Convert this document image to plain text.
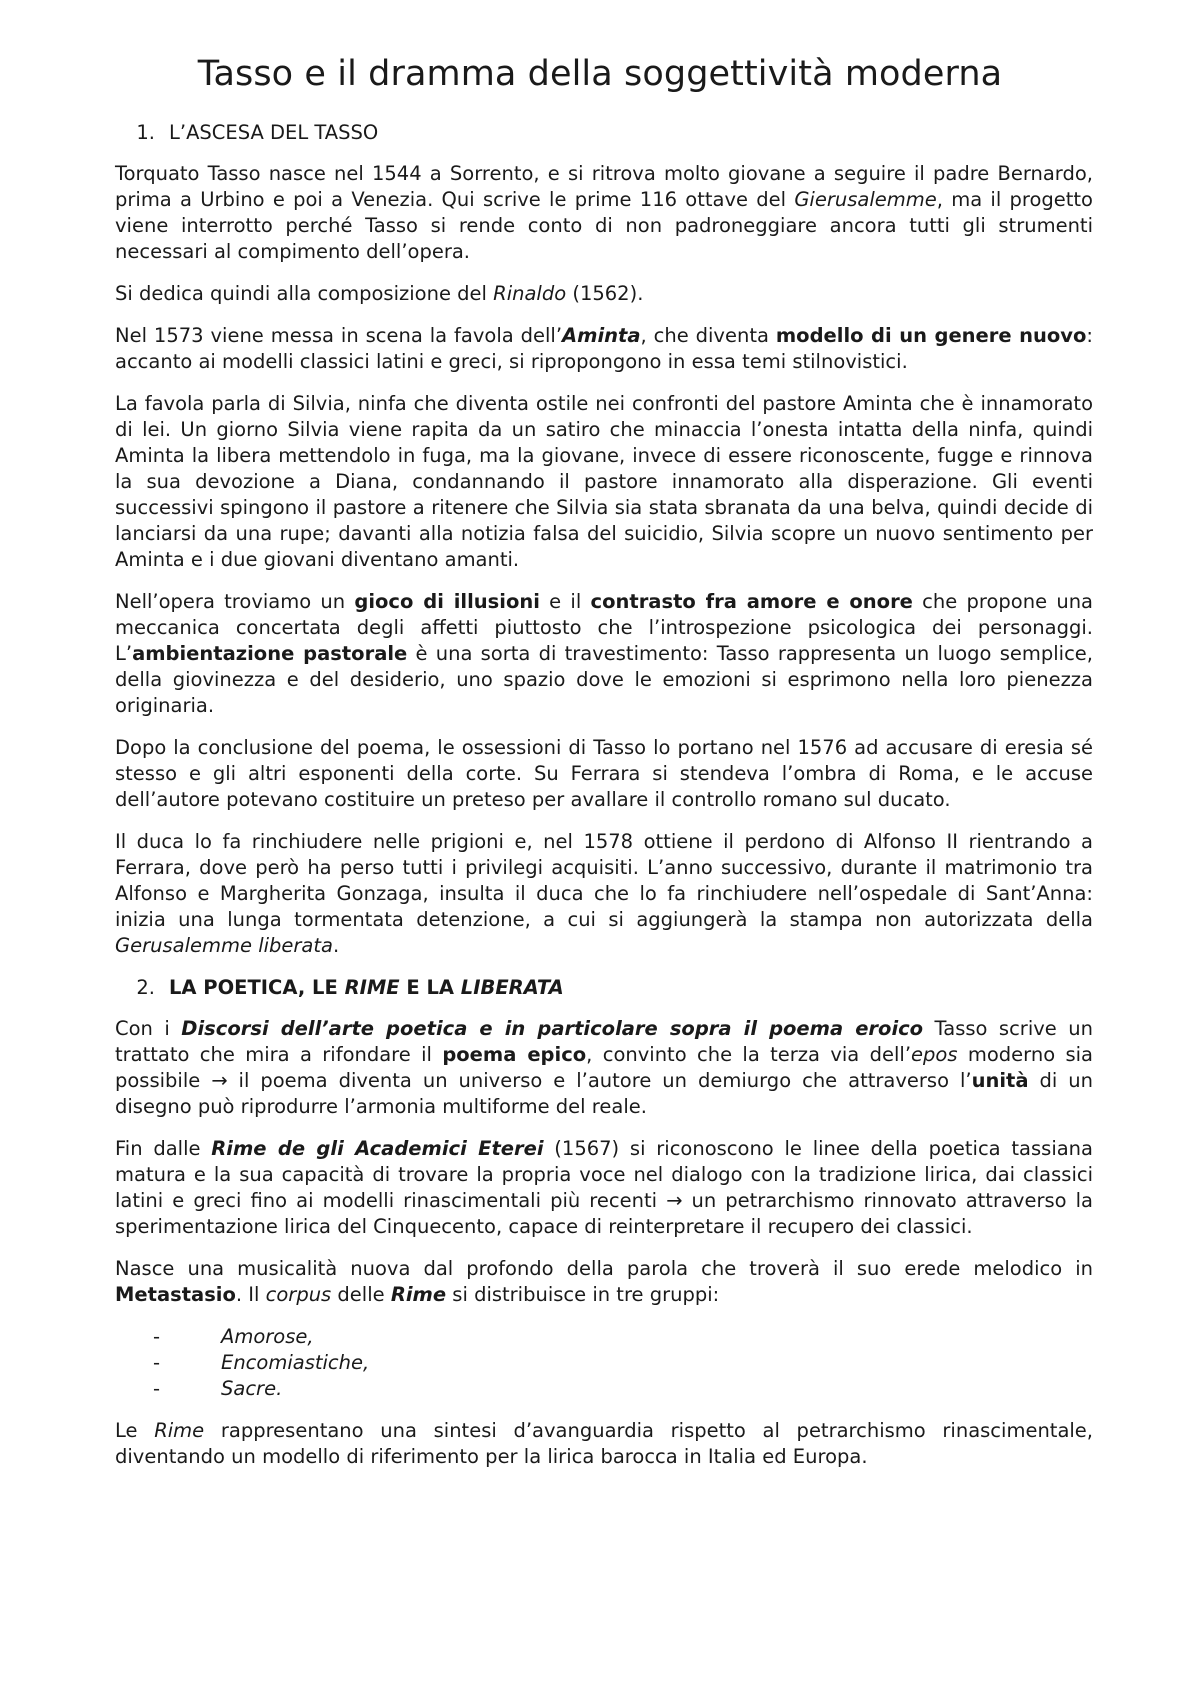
Tasso e il dramma della soggettività moderna
1. L’ASCESA DEL TASSO

Torquato Tasso nasce nel 1544 a Sorrento, e si ritrova molto giovane a seguire il padre Bernardo, prima a Urbino e poi a Venezia. Qui scrive le prime 116 ottave del Gierusalemme, ma il progetto viene interrotto perché Tasso si rende conto di non padroneggiare ancora tutti gli strumenti necessari al compimento dell’opera.

Si dedica quindi alla composizione del Rinaldo (1562).

Nel 1573 viene messa in scena la favola dell’Aminta, che diventa modello di un genere nuovo: accanto ai modelli classici latini e greci, si ripropongono in essa temi stilnovistici.

La favola parla di Silvia, ninfa che diventa ostile nei confronti del pastore Aminta che è innamorato di lei. Un giorno Silvia viene rapita da un satiro che minaccia l’onesta intatta della ninfa, quindi Aminta la libera mettendolo in fuga, ma la giovane, invece di essere riconoscente, fugge e rinnova la sua devozione a Diana, condannando il pastore innamorato alla disperazione. Gli eventi successivi spingono il pastore a ritenere che Silvia sia stata sbranata da una belva, quindi decide di lanciarsi da una rupe; davanti alla notizia falsa del suicidio, Silvia scopre un nuovo sentimento per Aminta e i due giovani diventano amanti.

Nell’opera troviamo un gioco di illusioni e il contrasto fra amore e onore che propone una meccanica concertata degli affetti piuttosto che l’introspezione psicologica dei personaggi. L’ambientazione pastorale è una sorta di travestimento: Tasso rappresenta un luogo semplice, della giovinezza e del desiderio, uno spazio dove le emozioni si esprimono nella loro pienezza originaria.

Dopo la conclusione del poema, le ossessioni di Tasso lo portano nel 1576 ad accusare di eresia sé stesso e gli altri esponenti della corte. Su Ferrara si stendeva l’ombra di Roma, e le accuse dell’autore potevano costituire un preteso per avallare il controllo romano sul ducato.

Il duca lo fa rinchiudere nelle prigioni e, nel 1578 ottiene il perdono di Alfonso II rientrando a Ferrara, dove però ha perso tutti i privilegi acquisiti. L’anno successivo, durante il matrimonio tra Alfonso e Margherita Gonzaga, insulta il duca che lo fa rinchiudere nell’ospedale di Sant’Anna: inizia una lunga tormentata detenzione, a cui si aggiungerà la stampa non autorizzata della Gerusalemme liberata.

2. LA POETICA, LE RIME E LA LIBERATA

Con i Discorsi dell’arte poetica e in particolare sopra il poema eroico Tasso scrive un trattato che mira a rifondare il poema epico, convinto che la terza via dell’epos moderno sia possibile → il poema diventa un universo e l’autore un demiurgo che attraverso l’unità di un disegno può riprodurre l’armonia multiforme del reale.

Fin dalle Rime de gli Academici Eterei (1567) si riconoscono le linee della poetica tassiana matura e la sua capacità di trovare la propria voce nel dialogo con la tradizione lirica, dai classici latini e greci fino ai modelli rinascimentali più recenti → un petrarchismo rinnovato attraverso la sperimentazione lirica del Cinquecento, capace di reinterpretare il recupero dei classici.

Nasce una musicalità nuova dal profondo della parola che troverà il suo erede melodico in Metastasio. Il corpus delle Rime si distribuisce in tre gruppi:

-	Amorose,
-	Encomiastiche,
-	Sacre.

Le Rime rappresentano una sintesi d’avanguardia rispetto al petrarchismo rinascimentale, diventando un modello di riferimento per la lirica barocca in Italia ed Europa.
